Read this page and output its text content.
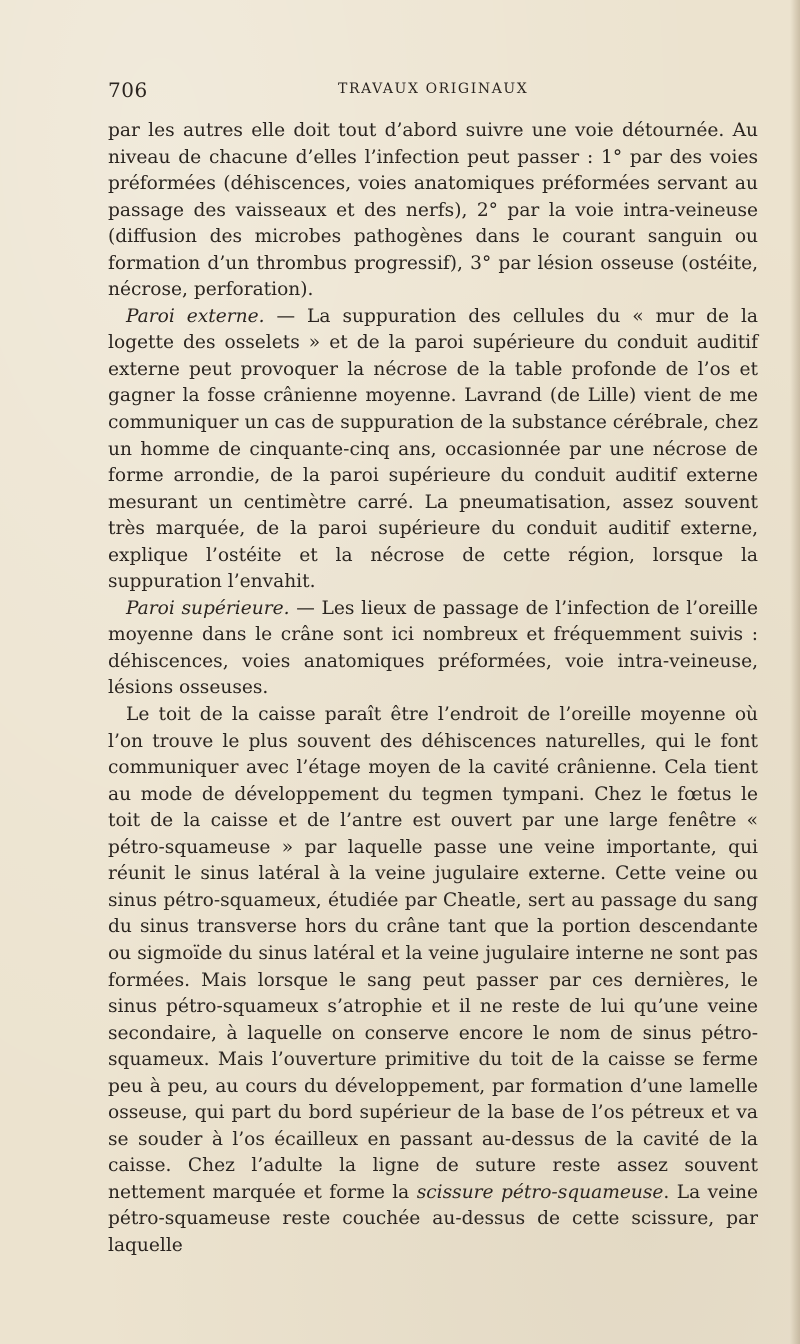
706	TRAVAUX ORIGINAUX

par les autres elle doit tout d’abord suivre une voie détournée. Au niveau de chacune d’elles l’infection peut passer : 1° par des voies préformées (déhiscences, voies anatomiques préformées servant au passage des vaisseaux et des nerfs), 2° par la voie intra-veineuse (diffusion des microbes pathogènes dans le courant sanguin ou formation d’un thrombus progressif), 3° par lésion osseuse (ostéite, nécrose, perforation).

Paroi externe. — La suppuration des cellules du « mur de la logette des osselets » et de la paroi supérieure du conduit auditif externe peut provoquer la nécrose de la table profonde de l’os et gagner la fosse crânienne moyenne. Lavrand (de Lille) vient de me communiquer un cas de suppuration de la substance cérébrale, chez un homme de cinquante-cinq ans, occasionnée par une nécrose de forme arrondie, de la paroi supérieure du conduit auditif externe mesurant un centimètre carré. La pneumatisation, assez souvent très marquée, de la paroi supérieure du conduit auditif externe, explique l’ostéite et la nécrose de cette région, lorsque la suppuration l’envahit.

Paroi supérieure. — Les lieux de passage de l’infection de l’oreille moyenne dans le crâne sont ici nombreux et fréquemment suivis : déhiscences, voies anatomiques préformées, voie intra-veineuse, lésions osseuses.

Le toit de la caisse paraît être l’endroit de l’oreille moyenne où l’on trouve le plus souvent des déhiscences naturelles, qui le font communiquer avec l’étage moyen de la cavité crânienne. Cela tient au mode de développement du tegmen tympani. Chez le fœtus le toit de la caisse et de l’antre est ouvert par une large fenêtre « pétro-squameuse » par laquelle passe une veine importante, qui réunit le sinus latéral à la veine jugulaire externe. Cette veine ou sinus pétro-squameux, étudiée par Cheatle, sert au passage du sang du sinus transverse hors du crâne tant que la portion descendante ou sigmoïde du sinus latéral et la veine jugulaire interne ne sont pas formées. Mais lorsque le sang peut passer par ces dernières, le sinus pétro-squameux s’atrophie et il ne reste de lui qu’une veine secondaire, à laquelle on conserve encore le nom de sinus pétro-squameux. Mais l’ouverture primitive du toit de la caisse se ferme peu à peu, au cours du développement, par formation d’une lamelle osseuse, qui part du bord supérieur de la base de l’os pétreux et va se souder à l’os écailleux en passant au-dessus de la cavité de la caisse. Chez l’adulte la ligne de suture reste assez souvent nettement marquée et forme la scissure pétro-squameuse. La veine pétro-squameuse reste couchée au-dessus de cette scissure, par laquelle
